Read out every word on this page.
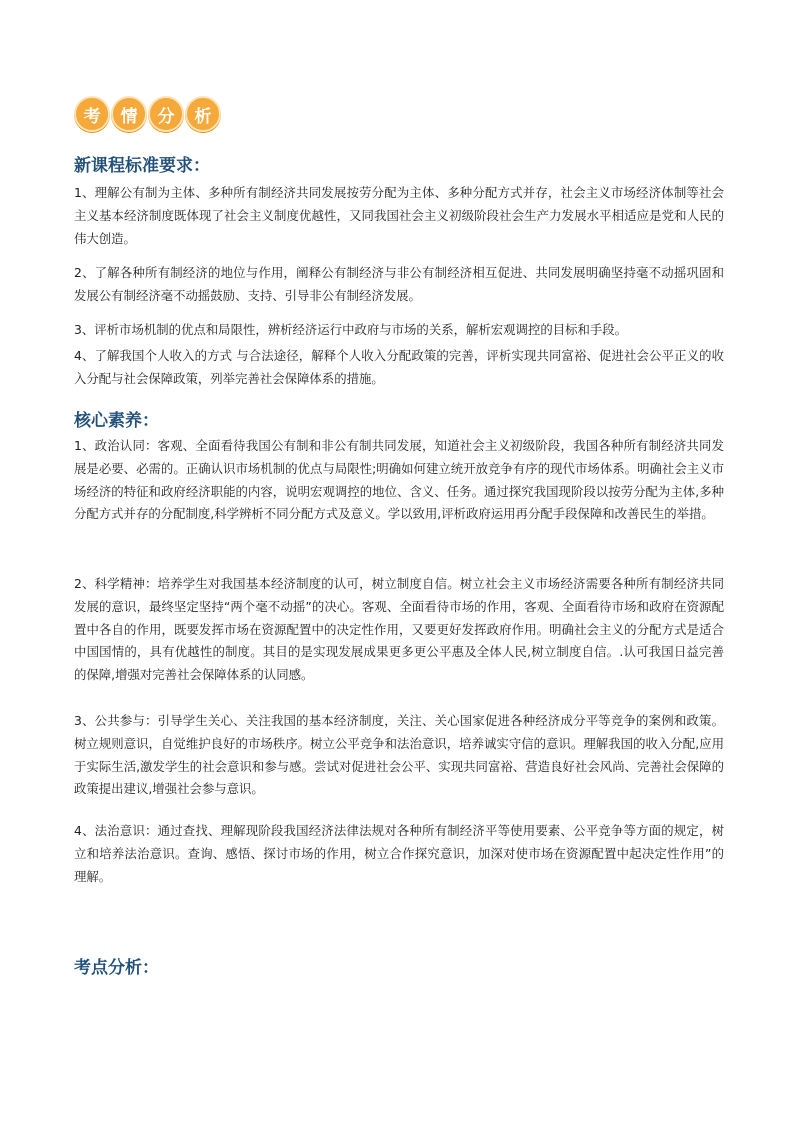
考	情	分	析
新课程标准要求：

1、理解公有制为主体、多种所有制经济共同发展按劳分配为主体、多种分配方式并存，社会主义市场经济体制等社会主义基本经济制度既体现了社会主义制度优越性，又同我国社会主义初级阶段社会生产力发展水平相适应是党和人民的伟大创造。

2、了解各种所有制经济的地位与作用，阐释公有制经济与非公有制经济相互促进、共同发展明确坚持毫不动摇巩固和发展公有制经济毫不动摇鼓励、支持、引导非公有制经济发展。

3、评析市场机制的优点和局限性，辨析经济运行中政府与市场的关系，解析宏观调控的目标和手段。

4、了解我国个人收入的方式 与合法途径，解释个人收入分配政策的完善，评析实现共同富裕、促进社会公平正义的收入分配与社会保障政策，列举完善社会保障体系的措施。

核心素养：

1、政治认同：客观、全面看待我国公有制和非公有制共同发展，知道社会主义初级阶段，我国各种所有制经济共同发展是必要、必需的。正确认识市场机制的优点与局限性;明确如何建立统开放竞争有序的现代市场体系。明确社会主义市场经济的特征和政府经济职能的内容，说明宏观调控的地位、含义、任务。通过探究我国现阶段以按劳分配为主体,多种分配方式并存的分配制度,科学辨析不同分配方式及意义。学以致用,评析政府运用再分配手段保障和改善民生的举措。

2、科学精神：培养学生对我国基本经济制度的认可，树立制度自信。树立社会主义市场经济需要各种所有制经济共同发展的意识，最终坚定坚持“两个毫不动摇”的决心。客观、全面看待市场的作用，客观、全面看待市场和政府在资源配置中各自的作用，既要发挥市场在资源配置中的决定性作用，又要更好发挥政府作用。明确社会主义的分配方式是适合中国国情的，具有优越性的制度。其目的是实现发展成果更多更公平惠及全体人民,树立制度自信。.认可我国日益完善的保障,增强对完善社会保障体系的认同感。

3、公共参与：引导学生关心、关注我国的基本经济制度，关注、关心国家促进各种经济成分平等竞争的案例和政策。树立规则意识，自觉维护良好的市场秩序。树立公平竞争和法治意识，培养诚实守信的意识。理解我国的收入分配,应用于实际生活,激发学生的社会意识和参与感。尝试对促进社会公平、实现共同富裕、营造良好社会风尚、完善社会保障的政策提出建议,增强社会参与意识。

4、法治意识：通过查找、理解现阶段我国经济法律法规对各种所有制经济平等使用要素、公平竞争等方面的规定，树立和培养法治意识。查询、感悟、探讨市场的作用，树立合作探究意识，加深对使市场在资源配置中起决定性作用”的理解。

考点分析：
